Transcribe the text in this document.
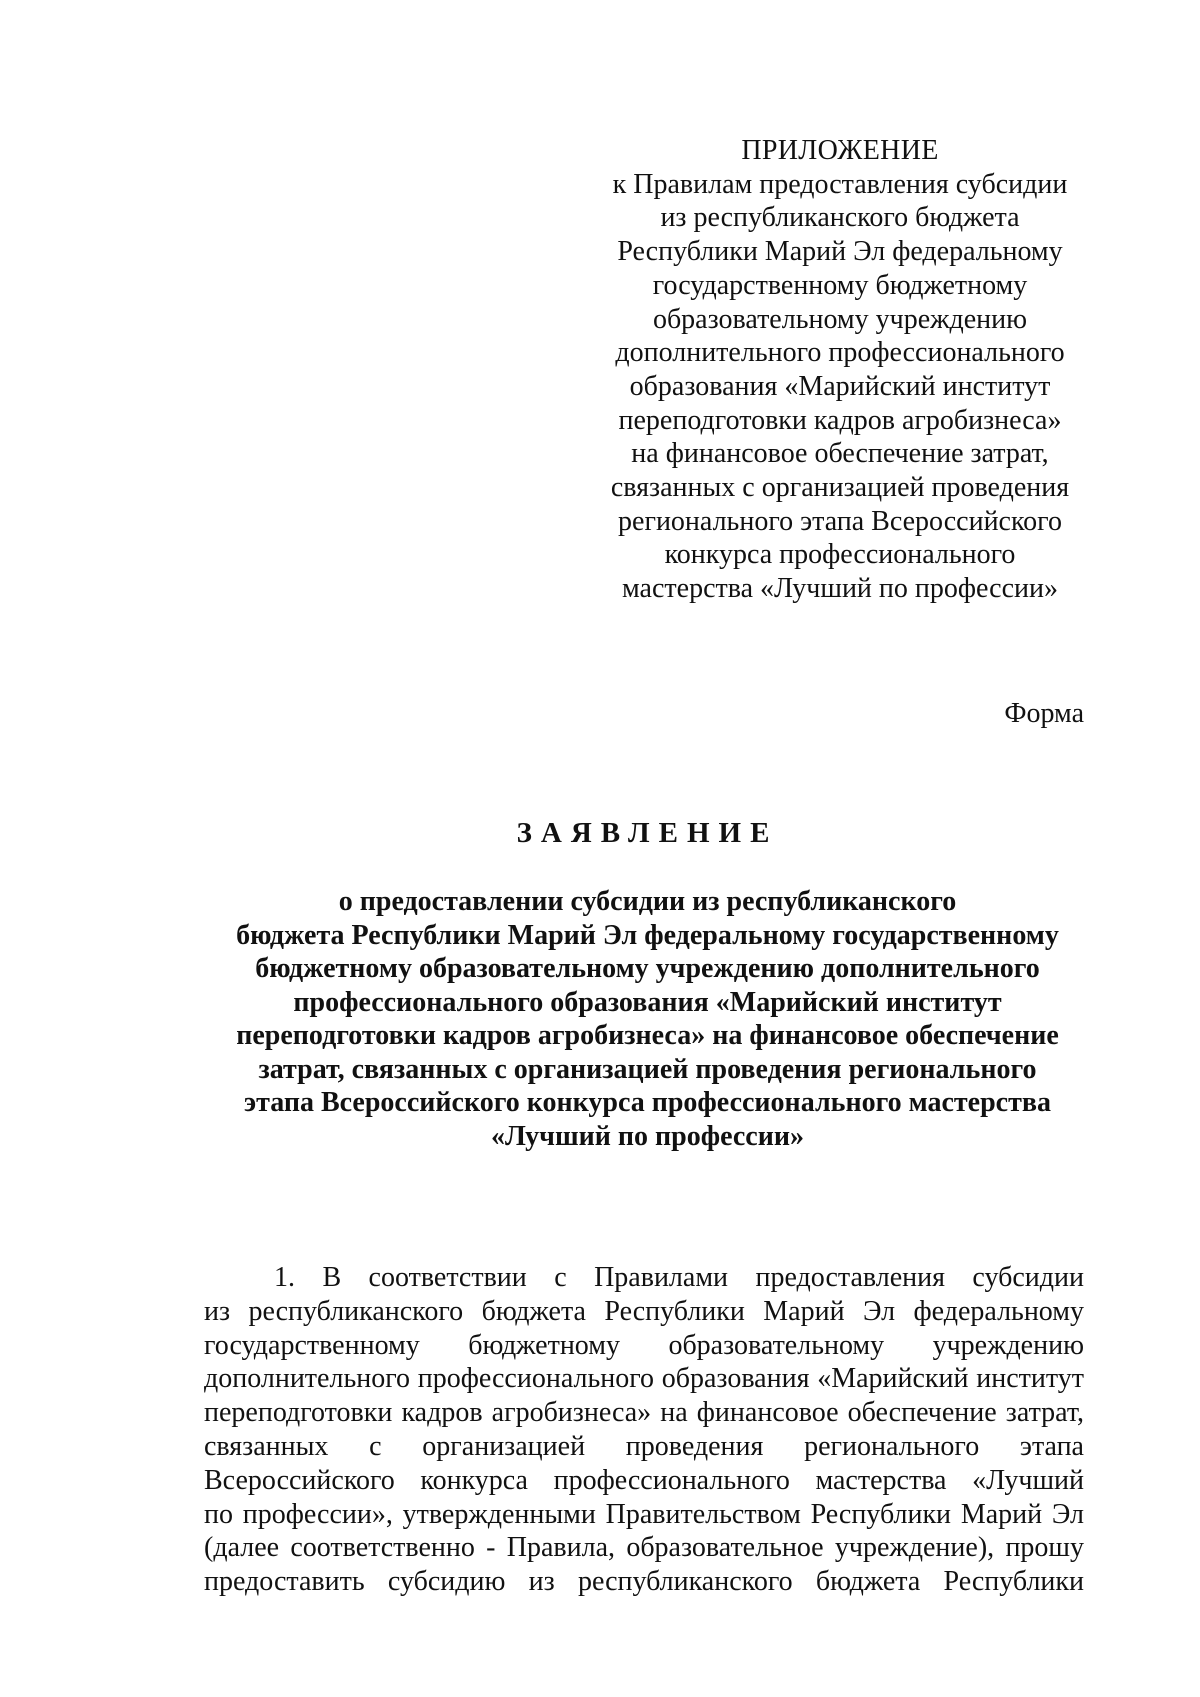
ПРИЛОЖЕНИЕ
к Правилам предоставления субсидии
из республиканского бюджета
Республики Марий Эл федеральному
государственному бюджетному
образовательному учреждению
дополнительного профессионального
образования «Марийский институт
переподготовки кадров агробизнеса»
на финансовое обеспечение затрат,
связанных с организацией проведения
регионального этапа Всероссийского
конкурса профессионального
мастерства «Лучший по профессии»
Форма
ЗАЯВЛЕНИЕ
о предоставлении субсидии из республиканского
бюджета Республики Марий Эл федеральному государственному
бюджетному образовательному учреждению дополнительного
профессионального образования «Марийский институт
переподготовки кадров агробизнеса» на финансовое обеспечение
затрат, связанных с организацией проведения регионального
этапа Всероссийского конкурса профессионального мастерства
«Лучший по профессии»
1. В соответствии с Правилами предоставления субсидии
из республиканского бюджета Республики Марий Эл федеральному
государственному бюджетному образовательному учреждению
дополнительного профессионального образования «Марийский институт
переподготовки кадров агробизнеса» на финансовое обеспечение затрат,
связанных с организацией проведения регионального этапа
Всероссийского конкурса профессионального мастерства «Лучший
по профессии», утвержденными Правительством Республики Марий Эл
(далее соответственно - Правила, образовательное учреждение), прошу
предоставить субсидию из республиканского бюджета Республики
